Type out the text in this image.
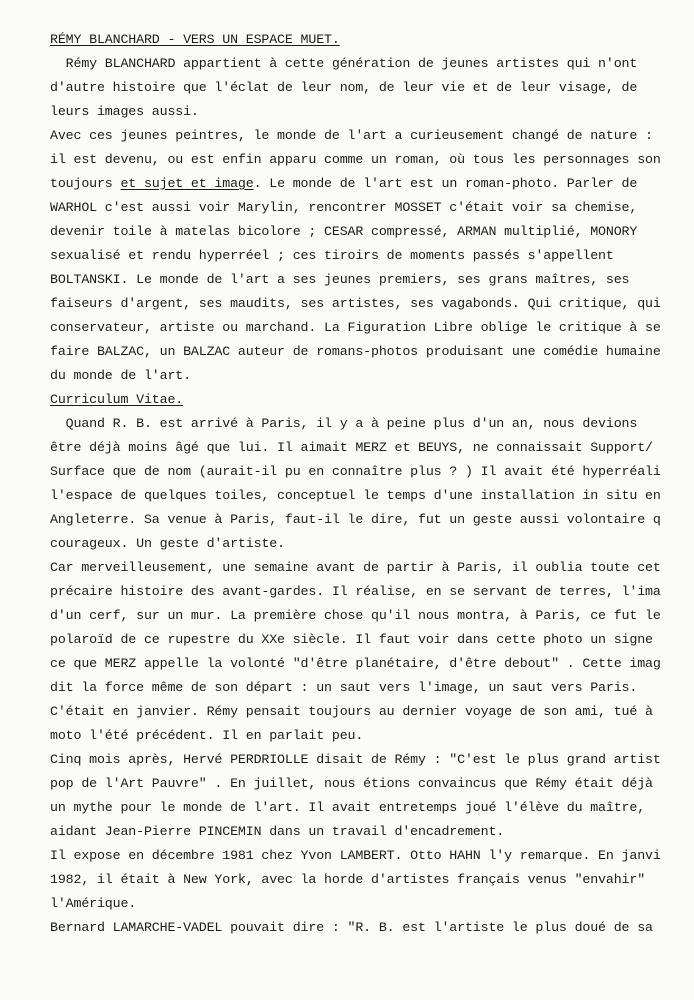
RÉMY BLANCHARD - VERS UN ESPACE MUET.
Rémy BLANCHARD appartient à cette génération de jeunes artistes qui n'ont
d'autre histoire que l'éclat de leur nom, de leur vie et de leur visage, de
leurs images aussi.
Avec ces jeunes peintres, le monde de l'art a curieusement changé de nature :
il est devenu, ou est enfin apparu comme un roman, où tous les personnages son
toujours et sujet et image. Le monde de l'art est un roman-photo. Parler de
WARHOL c'est aussi voir Marylin, rencontrer MOSSET c'était voir sa chemise,
devenir toile à matelas bicolore ; CESAR compressé, ARMAN multiplié, MONORY
sexualisé et rendu hyperréel ; ces tiroirs de moments passés s'appellent
BOLTANSKI. Le monde de l'art a ses jeunes premiers, ses grans maîtres, ses
faiseurs d'argent, ses maudits, ses artistes, ses vagabonds. Qui critique, qui
conservateur, artiste ou marchand. La Figuration Libre oblige le critique à se
faire BALZAC, un BALZAC auteur de romans-photos produisant une comédie humaine
du monde de l'art.
Curriculum Vitae.
Quand R. B. est arrivé à Paris, il y a à peine plus d'un an, nous devions
être déjà moins âgé que lui. Il aimait MERZ et BEUYS, ne connaissait Support/
Surface que de nom (aurait-il pu en connaître plus ? ) Il avait été hyperréali
l'espace de quelques toiles, conceptuel le temps d'une installation in situ en
Angleterre. Sa venue à Paris, faut-il le dire, fut un geste aussi volontaire q
courageux. Un geste d'artiste.
Car merveilleusement, une semaine avant de partir à Paris, il oublia toute cet
précaire histoire des avant-gardes. Il réalise, en se servant de terres, l'ima
d'un cerf, sur un mur. La première chose qu'il nous montra, à Paris, ce fut le
polaroïd de ce rupestre du XXe siècle. Il faut voir dans cette photo un signe
ce que MERZ appelle la volonté "d'être planétaire, d'être debout" . Cette imag
dit la force même de son départ : un saut vers l'image, un saut vers Paris.
C'était en janvier. Rémy pensait toujours au dernier voyage de son ami, tué à
moto l'été précédent. Il en parlait peu.
Cinq mois après, Hervé PERDRIOLLE disait de Rémy : "C'est le plus grand artist
pop de l'Art Pauvre" . En juillet, nous étions convaincus que Rémy était déjà
un mythe pour le monde de l'art. Il avait entretemps joué l'élève du maître,
aidant Jean-Pierre PINCEMIN dans un travail d'encadrement.
Il expose en décembre 1981 chez Yvon LAMBERT. Otto HAHN l'y remarque. En janvi
1982, il était à New York, avec la horde d'artistes français venus "envahir"
l'Amérique.
Bernard LAMARCHE-VADEL pouvait dire : "R. B. est l'artiste le plus doué de sa
